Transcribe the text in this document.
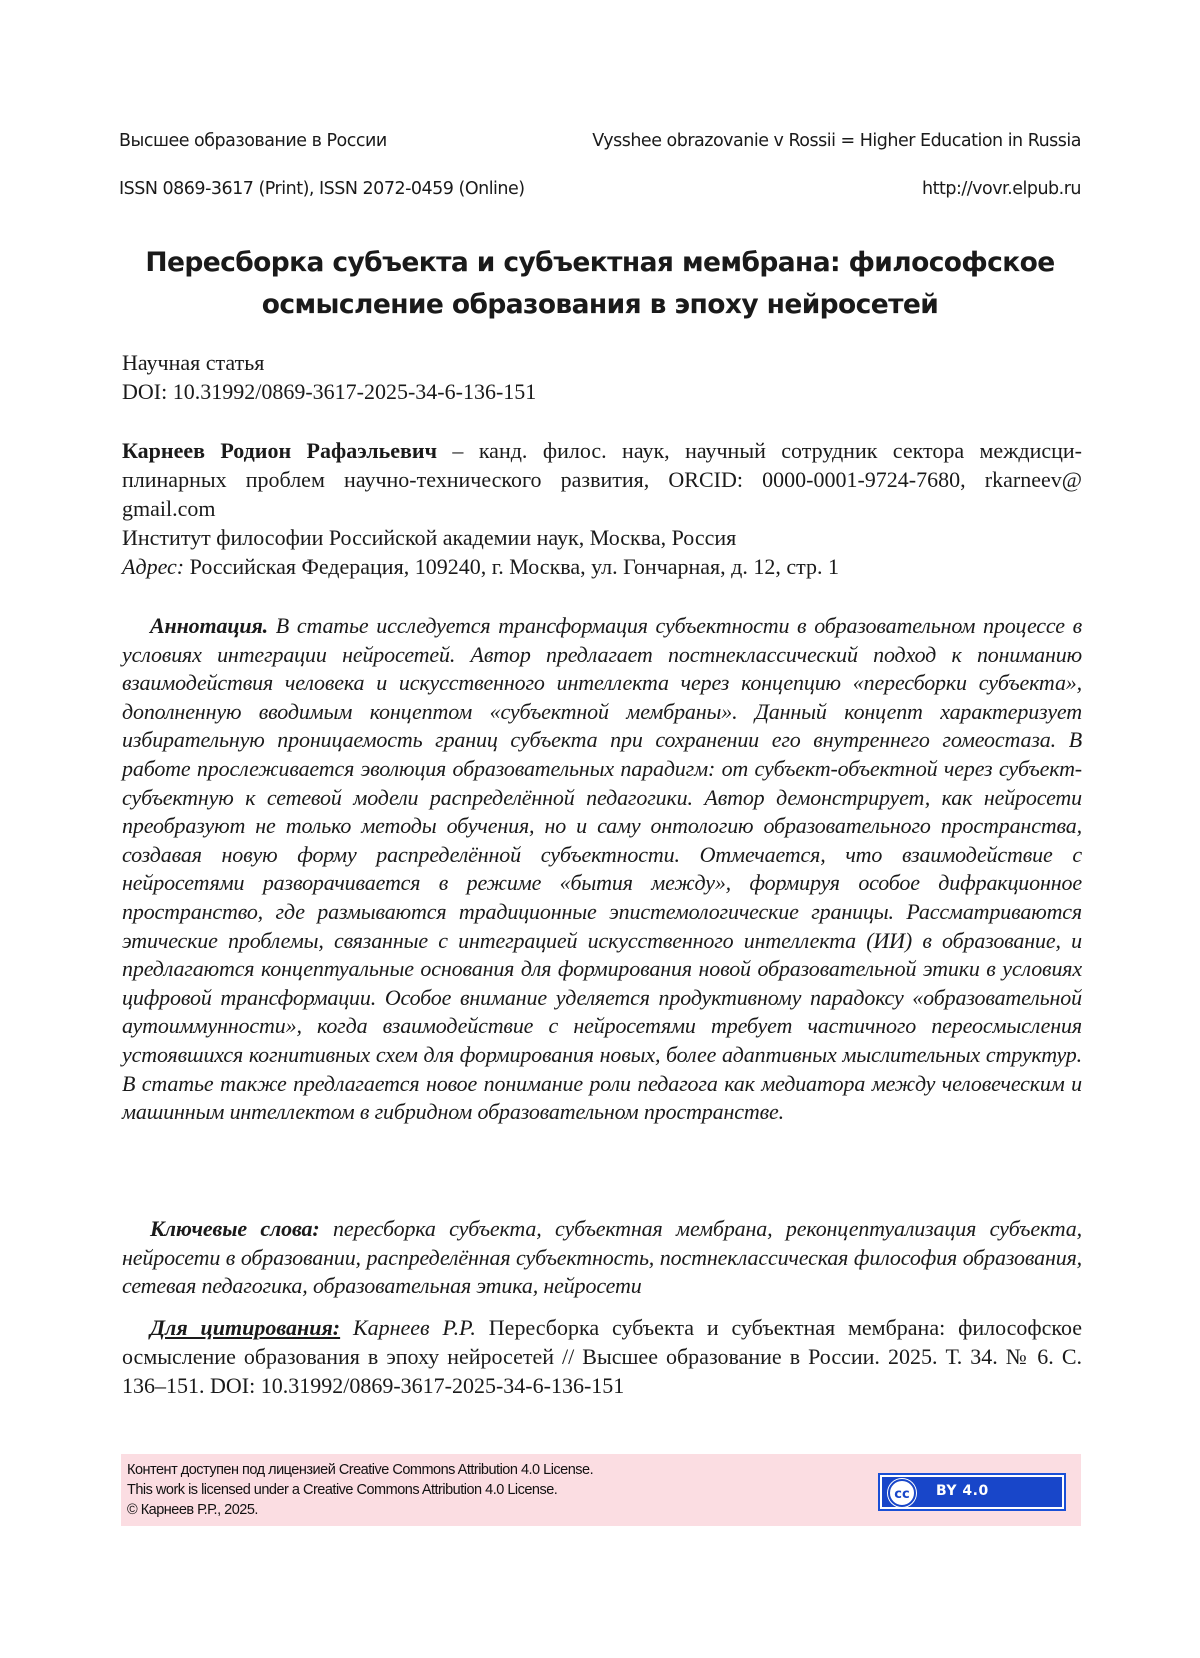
Высшее образование в России	Vysshee obrazovanie v Rossii = Higher Education in Russia
ISSN 0869-3617 (Print), ISSN 2072-0459 (Online)	http://vovr.elpub.ru
Пересборка субъекта и субъектная мембрана: философское
осмысление образования в эпоху нейросетей
Научная статья
DOI: 10.31992/0869-3617-2025-34-6-136-151
Карнеев Родион Рафаэльевич – канд. филос. наук, научный сотрудник сектора междисци-плинарных проблем научно-технического развития, ORCID: 0000-0001-9724-7680, rkarneev@ gmail.com
Институт философии Российской академии наук, Москва, Россия
Адрес: Российская Федерация, 109240, г. Москва, ул. Гончарная, д. 12, стр. 1
Аннотация. В статье исследуется трансформация субъектности в образовательном процессе в условиях интеграции нейросетей. Автор предлагает постнеклассический подход к пониманию взаимодействия человека и искусственного интеллекта через концепцию «пересборки субъекта», дополненную вводимым концептом «субъектной мембраны». Данный концепт характеризует избирательную проницаемость границ субъекта при сохранении его внутреннего гомеостаза. В работе прослеживается эволюция образовательных парадигм: от субъект-объектной через субъект-субъектную к сетевой модели распределённой педагогики. Автор демонстрирует, как нейросети преобразуют не только методы обучения, но и саму онтологию образовательного пространства, создавая новую форму распределённой субъектности. Отмечается, что взаимодействие с нейросетями разворачивается в режиме «бытия между», формируя особое дифракционное пространство, где размываются традиционные эпистемологические границы. Рассматриваются этические проблемы, связанные с интеграцией искусственного интеллекта (ИИ) в образование, и предлагаются концептуальные основания для формирования новой образовательной этики в условиях цифровой трансформации. Особое внимание уделяется продуктивному парадоксу «образовательной аутоиммунности», когда взаимодействие с нейросетями требует частичного переосмысления устоявшихся когнитивных схем для формирования новых, более адаптивных мыслительных структур. В статье также предлагается новое понимание роли педагога как медиатора между человеческим и машинным интеллектом в гибридном образовательном пространстве.
Ключевые слова: пересборка субъекта, субъектная мембрана, реконцептуализация субъекта, нейросети в образовании, распределённая субъектность, постнеклассическая философия образования, сетевая педагогика, образовательная этика, нейросети
Для цитирования: Карнеев Р.Р. Пересборка субъекта и субъектная мембрана: философское осмысление образования в эпоху нейросетей // Высшее образование в России. 2025. Т. 34. № 6. С. 136–151. DOI: 10.31992/0869-3617-2025-34-6-136-151
Контент доступен под лицензией Creative Commons Attribution 4.0 License.
This work is licensed under a Creative Commons Attribution 4.0 License.
© Карнеев Р.Р., 2025.
cc	BY 4.0
